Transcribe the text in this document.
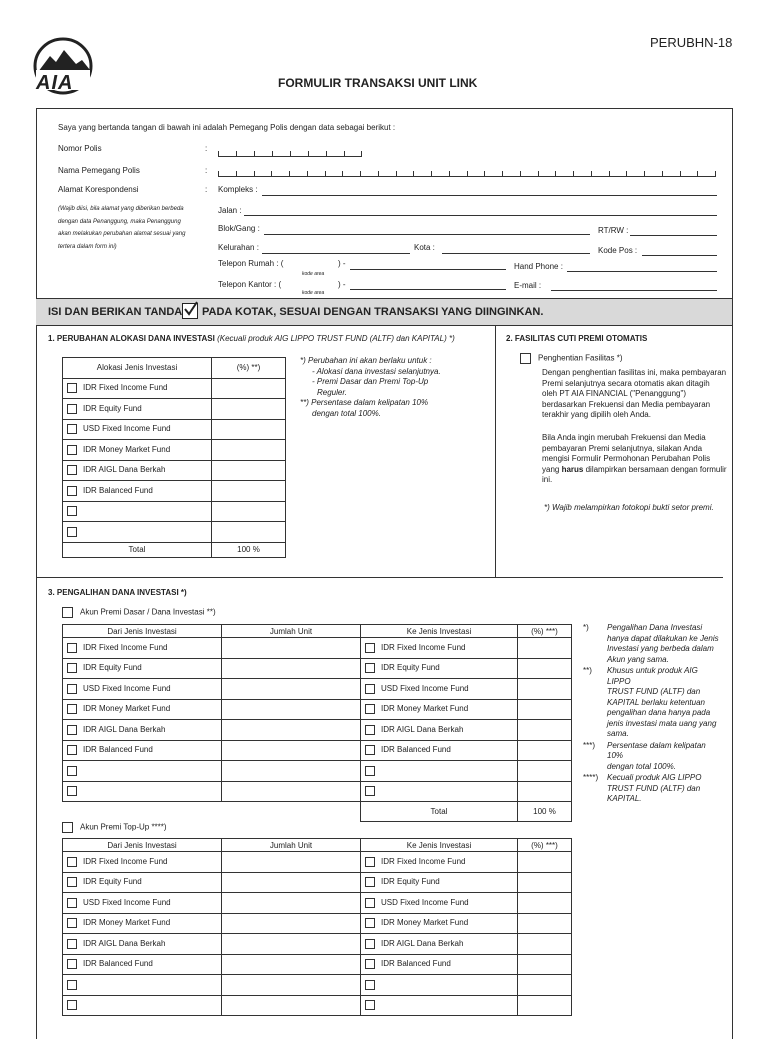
AIA
PERUBHN-18
FORMULIR TRANSAKSI UNIT LINK
Saya yang bertanda tangan di bawah ini adalah Pemegang Polis dengan data sebagai berikut :
Nomor Polis	:
Nama Pemegang Polis	:
Alamat Korespondensi	: Kompleks :
(Wajib diisi, bila alamat yang diberikan berbeda
dengan data Penanggung, maka Penanggung
akan melakukan perubahan alamat sesuai yang
tertera dalam form ini)
Jalan :
Blok/Gang :	RT/RW :
Kelurahan :	Kota :	Kode Pos :
Telepon Rumah : (	) -
kode area
Hand Phone :
Telepon Kantor : (	) -
kode area
E-mail :
ISI DAN BERIKAN TANDA PADA KOTAK, SESUAI DENGAN TRANSAKSI YANG DIINGINKAN.
1. PERUBAHAN ALOKASI DANA INVESTASI (Kecuali produk AIG LIPPO TRUST FUND (ALTF) dan KAPITAL) *)
Alokasi Jenis Investasi	(%) **)
IDR Fixed Income Fund	
IDR Equity Fund	
USD Fixed Income Fund	
IDR Money Market Fund	
IDR AIGL Dana Berkah	
IDR Balanced Fund	

Total	100 %
*) Perubahan ini akan berlaku untuk :
- Alokasi dana investasi selanjutnya.
- Premi Dasar dan Premi Top-Up
Reguler.
**) Persentase dalam kelipatan 10%
dengan total 100%.
2. FASILITAS CUTI PREMI OTOMATIS
Penghentian Fasilitas *)
Dengan penghentian fasilitas ini, maka pembayaran
Premi selanjutnya secara otomatis akan ditagih
oleh PT AIA FINANCIAL ("Penanggung")
berdasarkan Frekuensi dan Media pembayaran
terakhir yang dipilih oleh Anda.
Bila Anda ingin merubah Frekuensi dan Media
pembayaran Premi selanjutnya, silakan Anda
mengisi Formulir Permohonan Perubahan Polis
yang harus dilampirkan bersamaan dengan formulir
ini.
*) Wajib melampirkan fotokopi bukti setor premi.
3. PENGALIHAN DANA INVESTASI *)
Akun Premi Dasar / Dana Investasi **)
Dari Jenis Investasi	Jumlah Unit	Ke Jenis Investasi	(%) ***)
IDR Fixed Income Fund		IDR Fixed Income Fund	
IDR Equity Fund		IDR Equity Fund	
USD Fixed Income Fund		USD Fixed Income Fund	
IDR Money Market Fund		IDR Money Market Fund	
IDR AIGL Dana Berkah		IDR AIGL Dana Berkah	
IDR Balanced Fund		IDR Balanced Fund	

		Total	100 %
Akun Premi Top-Up ****)
Dari Jenis Investasi	Jumlah Unit	Ke Jenis Investasi	(%) ***)
IDR Fixed Income Fund		IDR Fixed Income Fund	
IDR Equity Fund		IDR Equity Fund	
USD Fixed Income Fund		USD Fixed Income Fund	
IDR Money Market Fund		IDR Money Market Fund	
IDR AIGL Dana Berkah		IDR AIGL Dana Berkah	
IDR Balanced Fund		IDR Balanced Fund	

*) Pengalihan Dana Investasi
hanya dapat dilakukan ke Jenis
Investasi yang berbeda dalam
Akun yang sama.
**) Khusus untuk produk AIG LIPPO
TRUST FUND (ALTF) dan
KAPITAL berlaku ketentuan
pengalihan dana hanya pada
jenis investasi mata uang yang
sama.
***) Persentase dalam kelipatan 10%
dengan total 100%.
****) Kecuali produk AIG LIPPO
TRUST FUND (ALTF) dan
KAPITAL.
